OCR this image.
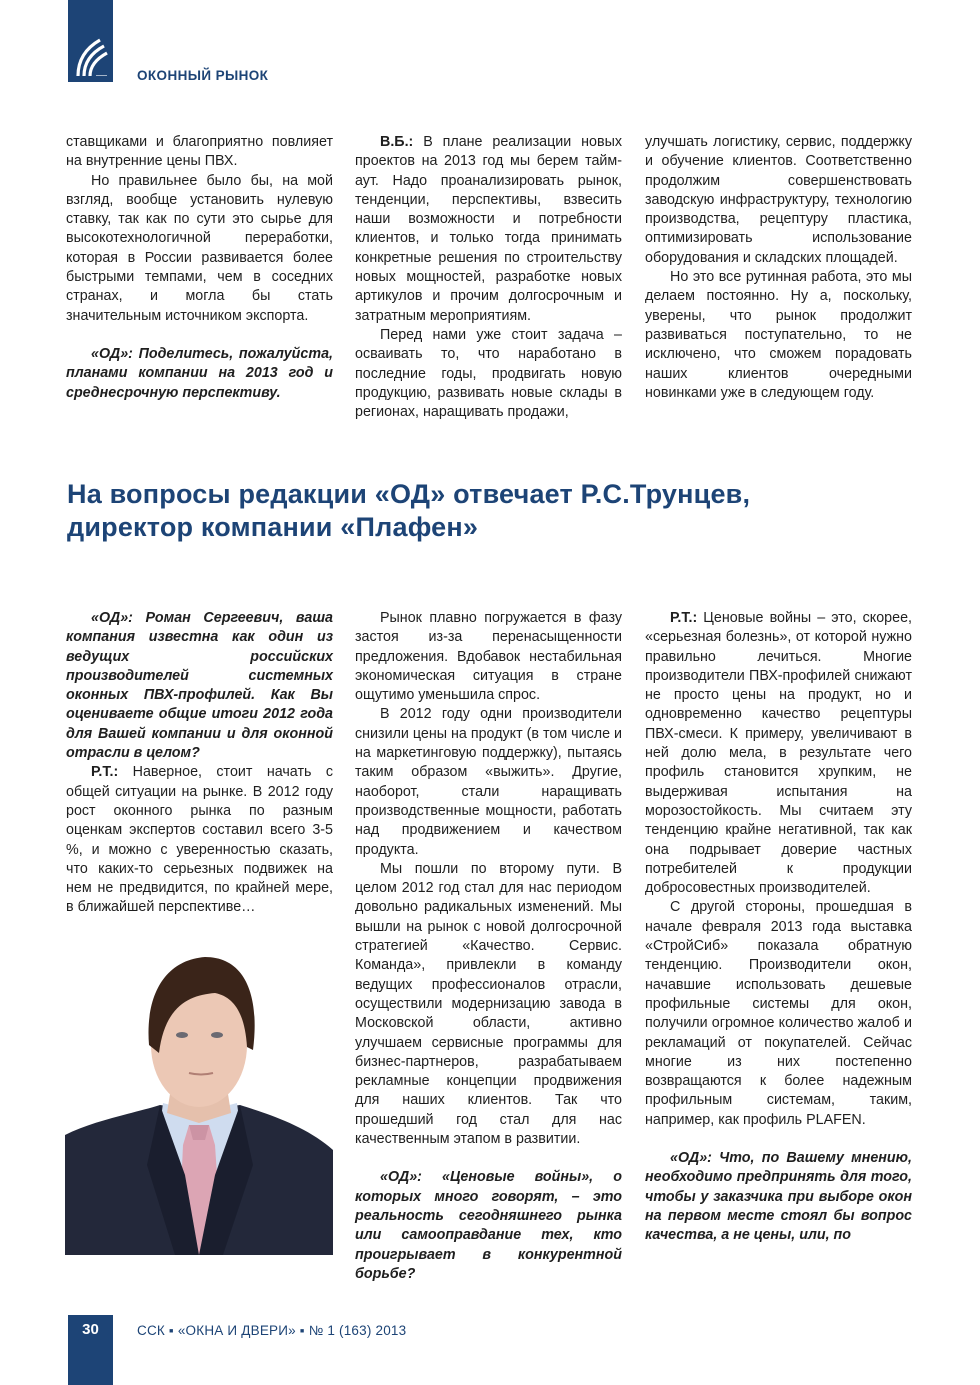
ОКОННЫЙ РЫНОК

ставщиками и благоприятно повлияет на внутренние цены ПВХ.

Но правильнее было бы, на мой взгляд, вообще установить нулевую ставку, так как по сути это сырье для высокотехнологичной переработки, которая в России развивается более быстрыми темпами, чем в соседних странах, и могла бы стать значительным источником экспорта.

«ОД»: Поделитесь, пожалуйста, планами компании на 2013 год и среднесрочную перспективу.

В.Б.: В плане реализации новых проектов на 2013 год мы берем тайм-аут. Надо проанализировать рынок, тенденции, перспективы, взвесить наши возможности и потребности клиентов, и только тогда принимать конкретные решения по строительству новых мощностей, разработке новых артикулов и прочим долгосрочным и затратным мероприятиям.

Перед нами уже стоит задача – осваивать то, что наработано в последние годы, продвигать новую продукцию, развивать новые склады в регионах, наращивать продажи,

улучшать логистику, сервис, поддержку и обучение клиентов. Соответственно продолжим совершенствовать заводскую инфраструктуру, технологию производства, рецептуру пластика, оптимизировать использование оборудования и складских площадей.

Но это все рутинная работа, это мы делаем постоянно. Ну а, поскольку, уверены, что рынок продолжит развиваться поступательно, то не исключено, что сможем порадовать наших клиентов очередными новинками уже в следующем году.

На вопросы редакции «ОД» отвечает Р.С.Трунцев,
директор компании «Плафен»

«ОД»: Роман Сергеевич, ваша компания известна как один из ведущих российских производителей системных оконных ПВХ-профилей. Как Вы оцениваете общие итоги 2012 года для Вашей компании и для оконной отрасли в целом?

Р.Т.: Наверное, стоит начать с общей ситуации на рынке. В 2012 году рост оконного рынка по разным оценкам экспертов составил всего 3-5 %, и можно с уверенностью сказать, что каких-то серьезных подвижек на нем не предвидится, по крайней мере, в ближайшей перспективе…

Рынок плавно погружается в фазу застоя из-за перенасыщенности предложения. Вдобавок нестабильная экономическая ситуация в стране ощутимо уменьшила спрос.

В 2012 году одни производители снизили цены на продукт (в том числе и на маркетинговую поддержку), пытаясь таким образом «выжить». Другие, наоборот, стали наращивать производственные мощности, работать над продвижением и качеством продукта.

Мы пошли по второму пути. В целом 2012 год стал для нас периодом довольно радикальных изменений. Мы вышли на рынок с новой долгосрочной стратегией «Качество. Сервис. Команда», привлекли в команду ведущих профессионалов отрасли, осуществили модернизацию завода в Московской области, активно улучшаем сервисные программы для бизнес-партнеров, разрабатываем рекламные концепции продвижения для наших клиентов. Так что прошедший год стал для нас качественным этапом в развитии.

«ОД»: «Ценовые войны», о которых много говорят, – это реальность сегодняшнего рынка или самооправдание тех, кто проигрывает в конкурентной борьбе?

Р.Т.: Ценовые войны – это, скорее, «серьезная болезнь», от которой нужно правильно лечиться. Многие производители ПВХ-профилей снижают не просто цены на продукт, но и одновременно качество рецептуры ПВХ-смеси. К примеру, увеличивают в ней долю мела, в результате чего профиль становится хрупким, не выдерживая испытания на морозостойкость. Мы считаем эту тенденцию крайне негативной, так как она подрывает доверие частных потребителей к продукции добросовестных производителей.

С другой стороны, прошедшая в начале февраля 2013 года выставка «СтройСиб» показала обратную тенденцию. Производители окон, начавшие использовать дешевые профильные системы для окон, получили огромное количество жалоб и рекламаций от покупателей. Сейчас многие из них постепенно возвращаются к более надежным профильным системам, таким, например, как профиль PLAFEN.

«ОД»: Что, по Вашему мнению, необходимо предпринять для того, чтобы у заказчика при выборе окон на первом месте стоял бы вопрос качества, а не цены, или, по

30	ССК ▪ «ОКНА И ДВЕРИ» ▪ № 1 (163) 2013
